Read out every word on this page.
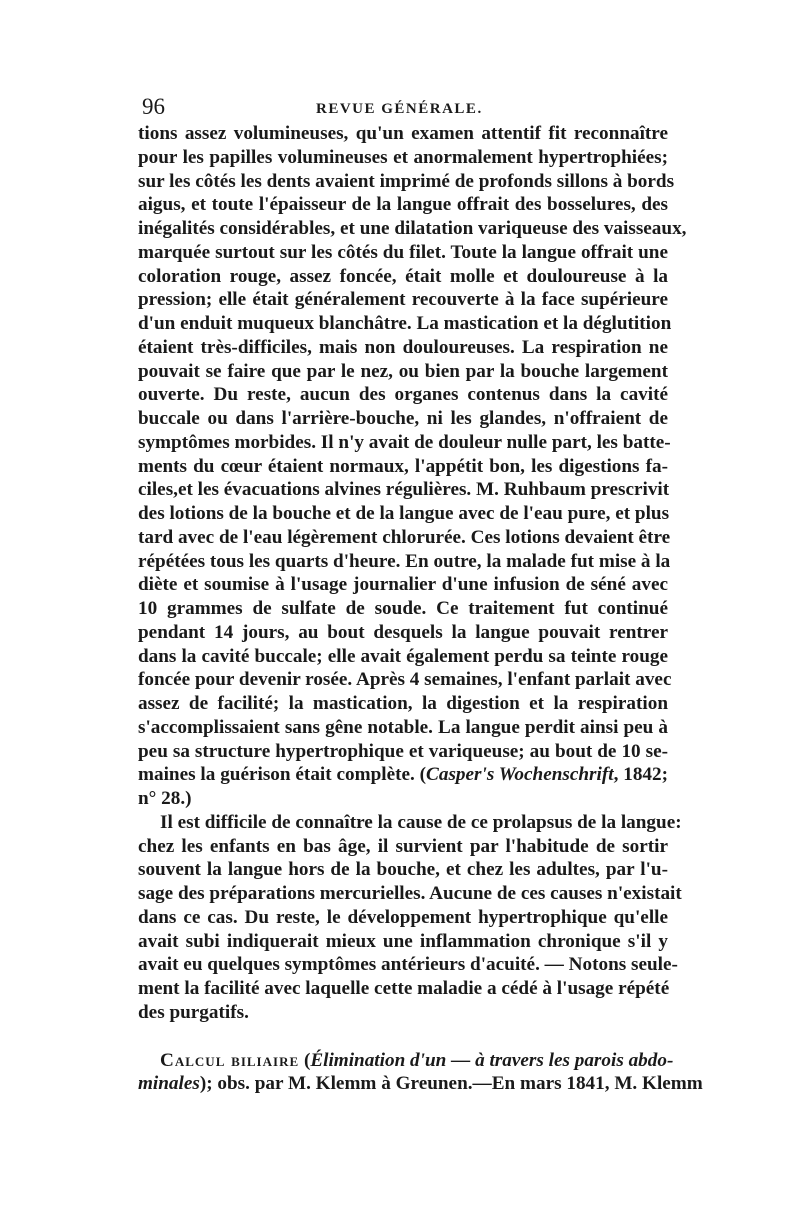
96	REVUE GÉNÉRALE.
tions assez volumineuses, qu'un examen attentif fit reconnaître
pour les papilles volumineuses et anormalement hypertrophiées;
sur les côtés les dents avaient imprimé de profonds sillons à bords
aigus, et toute l'épaisseur de la langue offrait des bosselures, des
inégalités considérables, et une dilatation variqueuse des vaisseaux,
marquée surtout sur les côtés du filet. Toute la langue offrait une
coloration rouge, assez foncée, était molle et douloureuse à la
pression; elle était généralement recouverte à la face supérieure
d'un enduit muqueux blanchâtre. La mastication et la déglutition
étaient très-difficiles, mais non douloureuses. La respiration ne
pouvait se faire que par le nez, ou bien par la bouche largement
ouverte. Du reste, aucun des organes contenus dans la cavité
buccale ou dans l'arrière-bouche, ni les glandes, n'offraient de
symptômes morbides. Il n'y avait de douleur nulle part, les batte-
ments du cœur étaient normaux, l'appétit bon, les digestions fa-
ciles,et les évacuations alvines régulières. M. Ruhbaum prescrivit
des lotions de la bouche et de la langue avec de l'eau pure, et plus
tard avec de l'eau légèrement chlorurée. Ces lotions devaient être
répétées tous les quarts d'heure. En outre, la malade fut mise à la
diète et soumise à l'usage journalier d'une infusion de séné avec
10 grammes de sulfate de soude. Ce traitement fut continué
pendant 14 jours, au bout desquels la langue pouvait rentrer
dans la cavité buccale; elle avait également perdu sa teinte rouge
foncée pour devenir rosée. Après 4 semaines, l'enfant parlait avec
assez de facilité; la mastication, la digestion et la respiration
s'accomplissaient sans gêne notable. La langue perdit ainsi peu à
peu sa structure hypertrophique et variqueuse; au bout de 10 se-
maines la guérison était complète. (Casper's Wochenschrift, 1842;
n° 28.)
Il est difficile de connaître la cause de ce prolapsus de la langue:
chez les enfants en bas âge, il survient par l'habitude de sortir
souvent la langue hors de la bouche, et chez les adultes, par l'u-
sage des préparations mercurielles. Aucune de ces causes n'existait
dans ce cas. Du reste, le développement hypertrophique qu'elle
avait subi indiquerait mieux une inflammation chronique s'il y
avait eu quelques symptômes antérieurs d'acuité. — Notons seule-
ment la facilité avec laquelle cette maladie a cédé à l'usage répété
des purgatifs.
Calcul biliaire (Élimination d'un — à travers les parois abdo-
minales); obs. par M. Klemm à Greunen.—En mars 1841, M. Klemm
